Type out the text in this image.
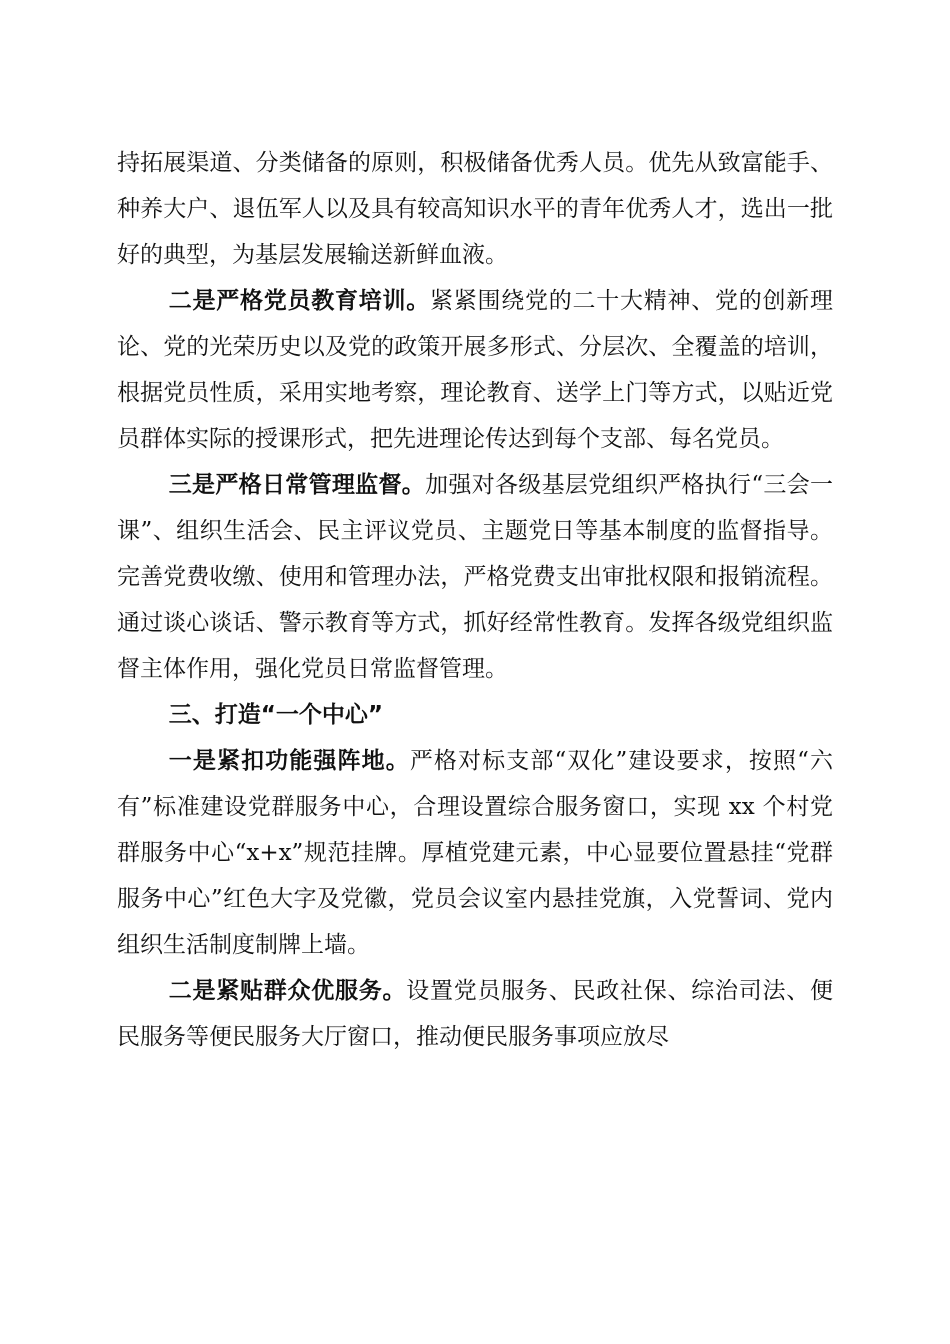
持拓展渠道、分类储备的原则，积极储备优秀人员。优先从致富能手、种养大户、退伍军人以及具有较高知识水平的青年优秀人才，选出一批好的典型，为基层发展输送新鲜血液。

二是严格党员教育培训。紧紧围绕党的二十大精神、党的创新理论、党的光荣历史以及党的政策开展多形式、分层次、全覆盖的培训，根据党员性质，采用实地考察，理论教育、送学上门等方式，以贴近党员群体实际的授课形式，把先进理论传达到每个支部、每名党员。

三是严格日常管理监督。加强对各级基层党组织严格执行“三会一课”、组织生活会、民主评议党员、主题党日等基本制度的监督指导。完善党费收缴、使用和管理办法，严格党费支出审批权限和报销流程。通过谈心谈话、警示教育等方式，抓好经常性教育。发挥各级党组织监督主体作用，强化党员日常监督管理。

三、打造“一个中心”

一是紧扣功能强阵地。严格对标支部“双化”建设要求，按照“六有”标准建设党群服务中心，合理设置综合服务窗口，实现 xx 个村党群服务中心“x+x”规范挂牌。厚植党建元素，中心显要位置悬挂“党群服务中心”红色大字及党徽，党员会议室内悬挂党旗，入党誓词、党内组织生活制度制牌上墙。

二是紧贴群众优服务。设置党员服务、民政社保、综治司法、便民服务等便民服务大厅窗口，推动便民服务事项应放尽
